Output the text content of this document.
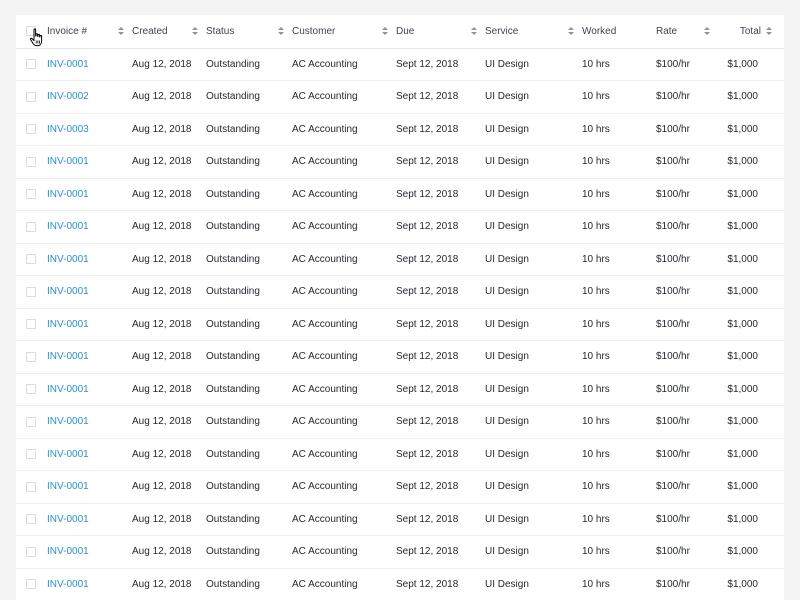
	Invoice #	Created	Status	Customer	Due	Service	Worked	Rate	Total

	INV-0001	Aug 12, 2018	Outstanding	AC Accounting	Sept 12, 2018	UI Design	10 hrs	$100/hr	$1,000

	INV-0002	Aug 12, 2018	Outstanding	AC Accounting	Sept 12, 2018	UI Design	10 hrs	$100/hr	$1,000

	INV-0003	Aug 12, 2018	Outstanding	AC Accounting	Sept 12, 2018	UI Design	10 hrs	$100/hr	$1,000

	INV-0001	Aug 12, 2018	Outstanding	AC Accounting	Sept 12, 2018	UI Design	10 hrs	$100/hr	$1,000

	INV-0001	Aug 12, 2018	Outstanding	AC Accounting	Sept 12, 2018	UI Design	10 hrs	$100/hr	$1,000

	INV-0001	Aug 12, 2018	Outstanding	AC Accounting	Sept 12, 2018	UI Design	10 hrs	$100/hr	$1,000

	INV-0001	Aug 12, 2018	Outstanding	AC Accounting	Sept 12, 2018	UI Design	10 hrs	$100/hr	$1,000

	INV-0001	Aug 12, 2018	Outstanding	AC Accounting	Sept 12, 2018	UI Design	10 hrs	$100/hr	$1,000

	INV-0001	Aug 12, 2018	Outstanding	AC Accounting	Sept 12, 2018	UI Design	10 hrs	$100/hr	$1,000

	INV-0001	Aug 12, 2018	Outstanding	AC Accounting	Sept 12, 2018	UI Design	10 hrs	$100/hr	$1,000

	INV-0001	Aug 12, 2018	Outstanding	AC Accounting	Sept 12, 2018	UI Design	10 hrs	$100/hr	$1,000

	INV-0001	Aug 12, 2018	Outstanding	AC Accounting	Sept 12, 2018	UI Design	10 hrs	$100/hr	$1,000

	INV-0001	Aug 12, 2018	Outstanding	AC Accounting	Sept 12, 2018	UI Design	10 hrs	$100/hr	$1,000

	INV-0001	Aug 12, 2018	Outstanding	AC Accounting	Sept 12, 2018	UI Design	10 hrs	$100/hr	$1,000

	INV-0001	Aug 12, 2018	Outstanding	AC Accounting	Sept 12, 2018	UI Design	10 hrs	$100/hr	$1,000

	INV-0001	Aug 12, 2018	Outstanding	AC Accounting	Sept 12, 2018	UI Design	10 hrs	$100/hr	$1,000

	INV-0001	Aug 12, 2018	Outstanding	AC Accounting	Sept 12, 2018	UI Design	10 hrs	$100/hr	$1,000
